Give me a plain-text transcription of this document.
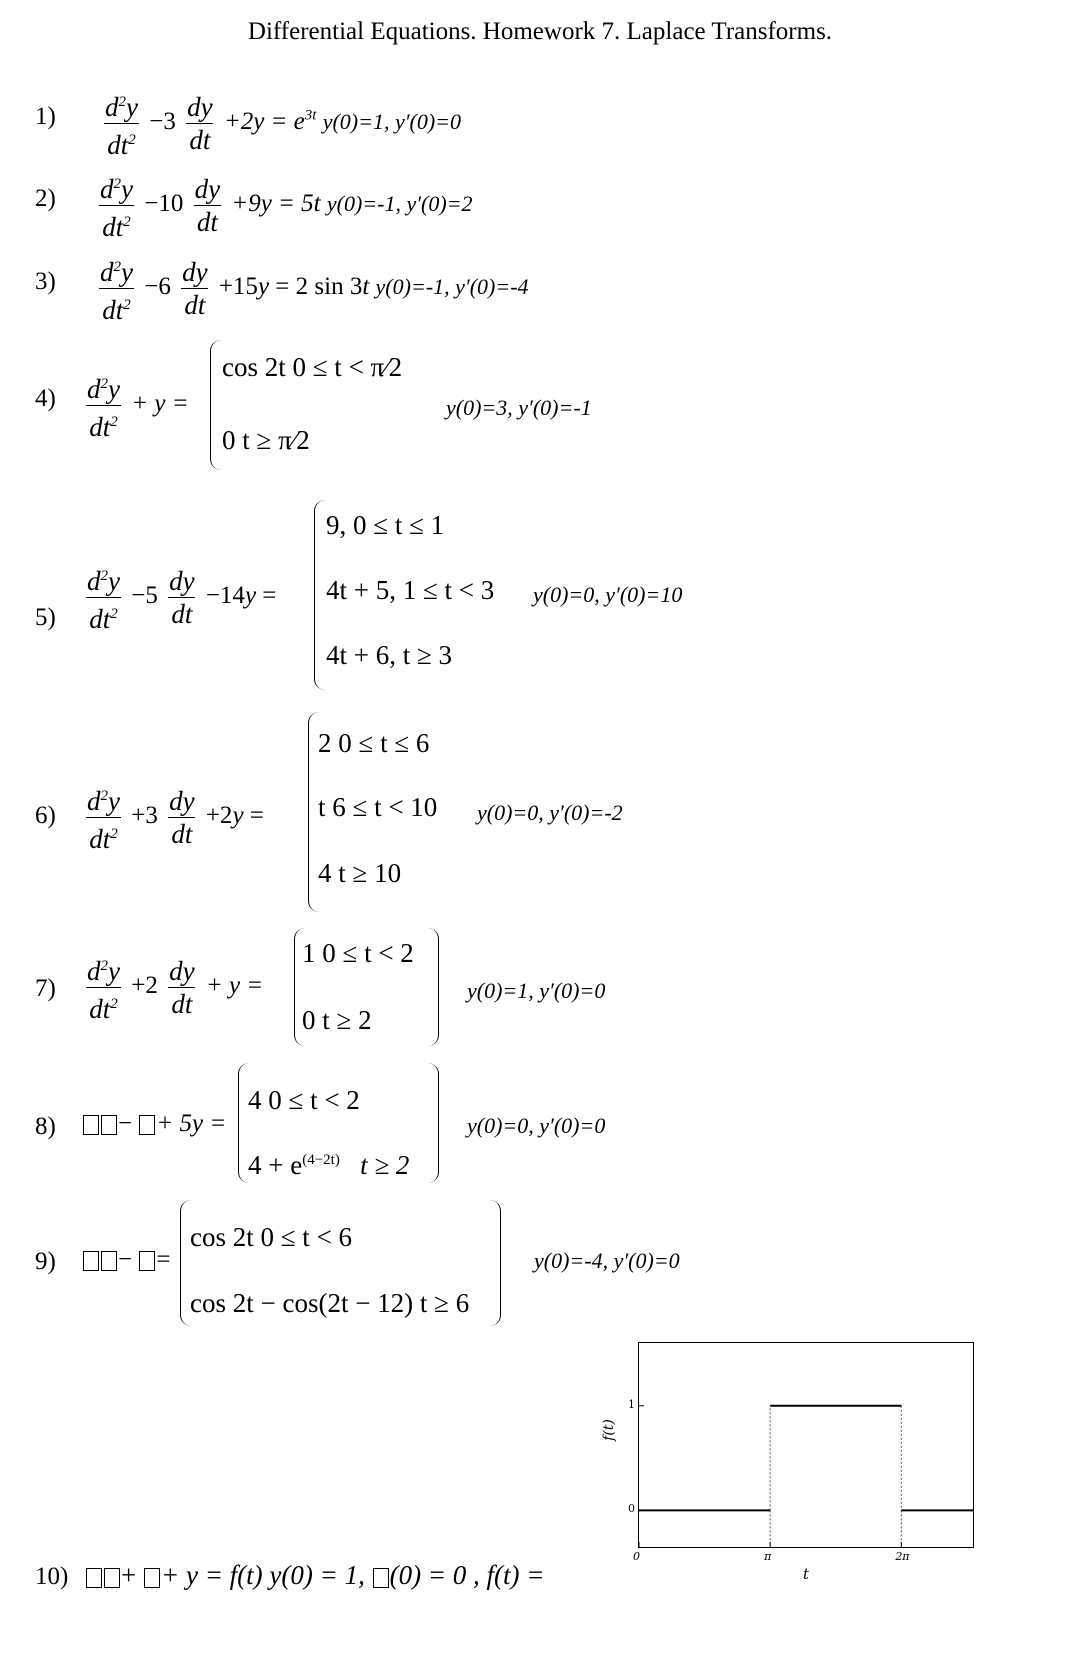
Differential Equations. Homework 7. Laplace Transforms.
$1) \frac{d^2y}{dt^2} -3 \frac{dy}{dt} +2y = e^{3t}$ y(0)=1, y′(0)=0
$2) \frac{d^2y}{dt^2} -10 \frac{dy}{dt} +9y = 5t$ y(0)=-1, y′(0)=2
$3) \frac{d^2y}{dt^2} -6 \frac{dy}{dt} +15y = 2$ sin 3t y(0)=-1, y′(0)=-4
$4) \frac{d^2y}{dt^2} + y$ =
cos 2t 0 ≤ t < π⁄2
0 t ≥ π⁄2
y(0)=3, y′(0)=-1
$5) \frac{d^2y}{dt^2} -5 \frac{dy}{dt} -14y$ =
9, 0 ≤ t ≤ 1
4t + 5, 1 ≤ t < 3
4t + 6, t ≥ 3
y(0)=0, y′(0)=10
$6) \frac{d^2y}{dt^2} +3 \frac{dy}{dt} +2y$ =
2 0 ≤ t ≤ 6
t 6 ≤ t < 10
4 t ≥ 10
y(0)=0, y′(0)=-2
$7) \frac{d^2y}{dt^2} +2 \frac{dy}{dt} + y$ =
1 0 ≤ t < 2
0 t ≥ 2
y(0)=1, y′(0)=0
8)	− + 5y =
4 0 ≤ t < 2
$4 + e^{(4-2t)}$ t ≥ 2
y(0)=0, y′(0)=0
9)	− =
cos 2t 0 ≤ t < 6
cos 2t − cos(2t − 12) t ≥ 6
y(0)=-4, y′(0)=0
10)	+ + y = f(t) y(0) = 1, (0) = 0 , f(t) =
f(t)
t
0
1
0	π	2π
